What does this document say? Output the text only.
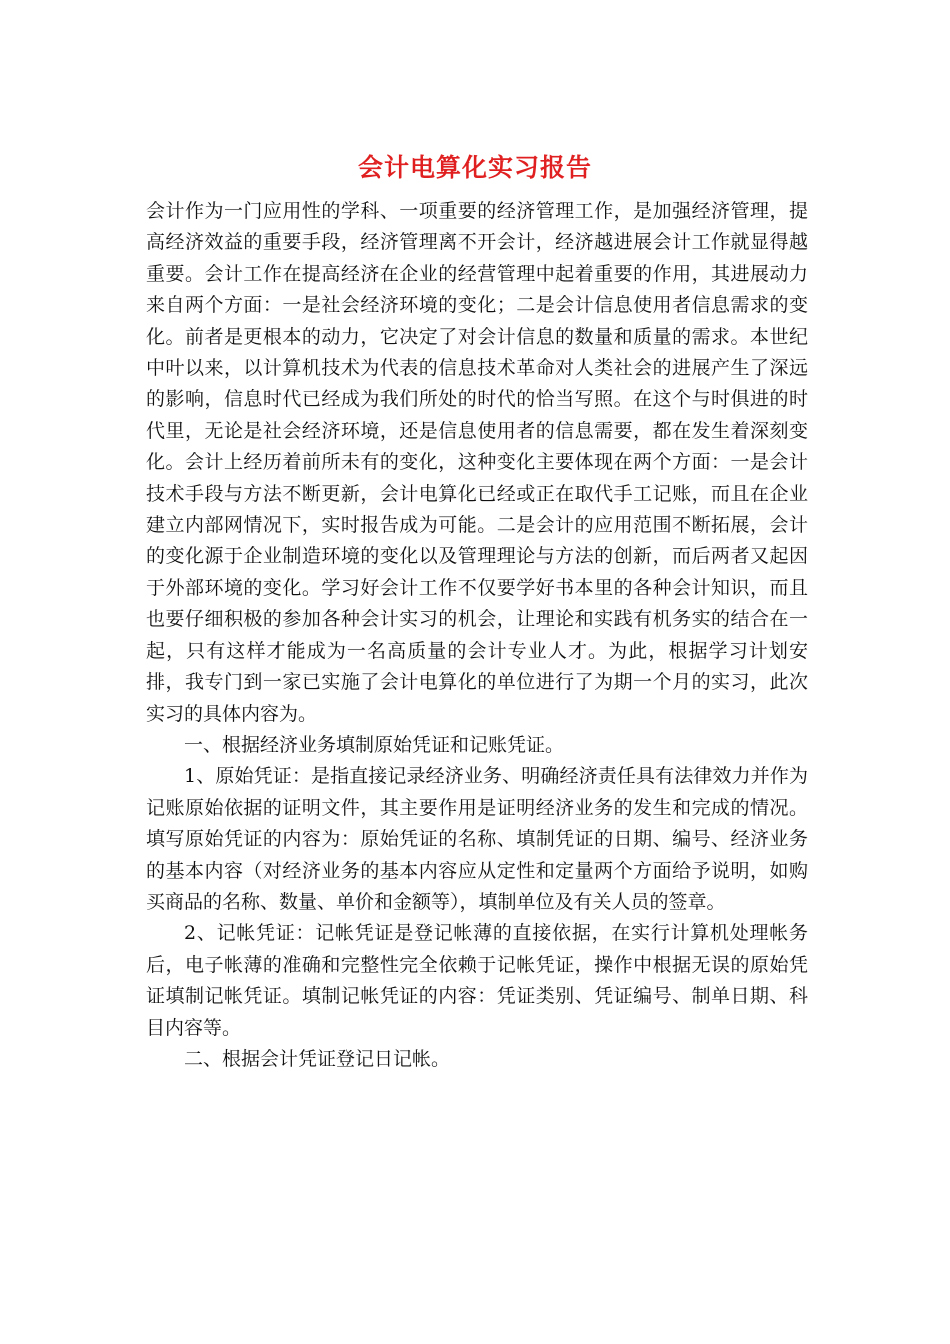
会计电算化实习报告

会计作为一门应用性的学科、一项重要的经济管理工作，是加强经济管理，提高经济效益的重要手段，经济管理离不开会计，经济越进展会计工作就显得越重要。会计工作在提高经济在企业的经营管理中起着重要的作用，其进展动力来自两个方面：一是社会经济环境的变化；二是会计信息使用者信息需求的变化。前者是更根本的动力，它决定了对会计信息的数量和质量的需求。本世纪中叶以来，以计算机技术为代表的信息技术革命对人类社会的进展产生了深远的影响，信息时代已经成为我们所处的时代的恰当写照。在这个与时俱进的时代里，无论是社会经济环境，还是信息使用者的信息需要，都在发生着深刻变化。会计上经历着前所未有的变化，这种变化主要体现在两个方面：一是会计技术手段与方法不断更新，会计电算化已经或正在取代手工记账，而且在企业建立内部网情况下，实时报告成为可能。二是会计的应用范围不断拓展，会计的变化源于企业制造环境的变化以及管理理论与方法的创新，而后两者又起因于外部环境的变化。学习好会计工作不仅要学好书本里的各种会计知识，而且也要仔细积极的参加各种会计实习的机会，让理论和实践有机务实的结合在一起，只有这样才能成为一名高质量的会计专业人才。为此，根据学习计划安排，我专门到一家已实施了会计电算化的单位进行了为期一个月的实习，此次实习的具体内容为。

一、根据经济业务填制原始凭证和记账凭证。

1、原始凭证：是指直接记录经济业务、明确经济责任具有法律效力并作为记账原始依据的证明文件，其主要作用是证明经济业务的发生和完成的情况。填写原始凭证的内容为：原始凭证的名称、填制凭证的日期、编号、经济业务的基本内容（对经济业务的基本内容应从定性和定量两个方面给予说明，如购买商品的名称、数量、单价和金额等），填制单位及有关人员的签章。

2、记帐凭证：记帐凭证是登记帐薄的直接依据，在实行计算机处理帐务后，电子帐薄的准确和完整性完全依赖于记帐凭证，操作中根据无误的原始凭证填制记帐凭证。填制记帐凭证的内容：凭证类别、凭证编号、制单日期、科目内容等。

二、根据会计凭证登记日记帐。
